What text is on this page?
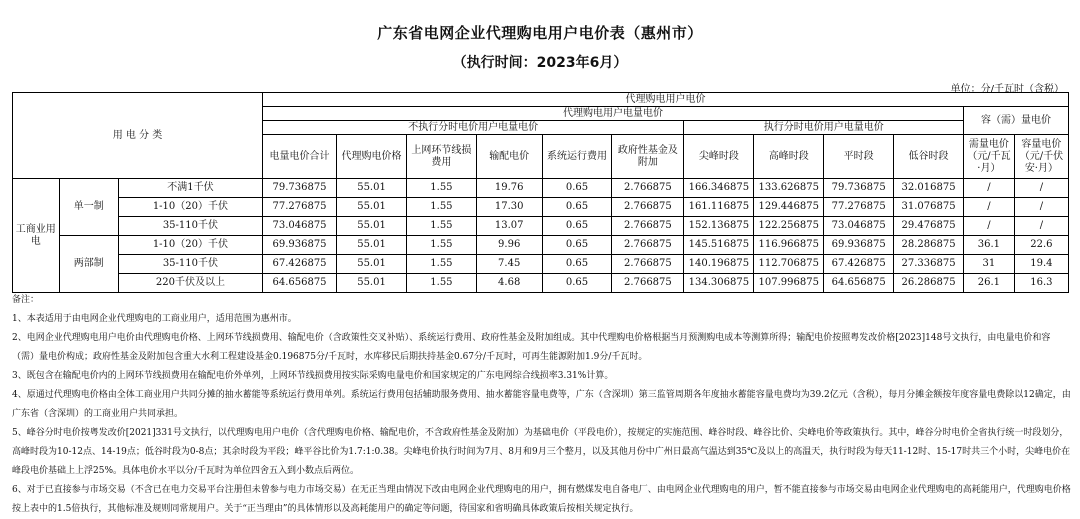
广东省电网企业代理购电用户电价表（惠州市）
（执行时间：2023年6月）
单位：分/千瓦时（含税）
用 电 分 类			代理购电用户电价											
			代理购电用户电量电价										容（需）量电价	
			不执行分时电价用户电量电价						执行分时电价用户电量电价					
			电量电价合计	代理购电价格	上网环节线损费用	输配电价	系统运行费用	政府性基金及附加	尖峰时段	高峰时段	平时段	低谷时段	需量电价（元/千瓦·月）	容量电价（元/千伏安·月）
工商业用电	单一制	不满1千伏	79.736875	55.01	1.55	19.76	0.65	2.766875	166.346875	133.626875	79.736875	32.016875	/	/
		1-10（20）千伏	77.276875	55.01	1.55	17.30	0.65	2.766875	161.116875	129.446875	77.276875	31.076875	/	/
		35-110千伏	73.046875	55.01	1.55	13.07	0.65	2.766875	152.136875	122.256875	73.046875	29.476875	/	/
	两部制	1-10（20）千伏	69.936875	55.01	1.55	9.96	0.65	2.766875	145.516875	116.966875	69.936875	28.286875	36.1	22.6
		35-110千伏	67.426875	55.01	1.55	7.45	0.65	2.766875	140.196875	112.706875	67.426875	27.336875	31	19.4
		220千伏及以上	64.656875	55.01	1.55	4.68	0.65	2.766875	134.306875	107.996875	64.656875	26.286875	26.1	16.3

备注：

1、本表适用于由电网企业代理购电的工商业用户，适用范围为惠州市。

2、电网企业代理购电用户电价由代理购电价格、上网环节线损费用、输配电价（含政策性交叉补贴）、系统运行费用、政府性基金及附加组成。其中代理购电价格根据当月预测购电成本等测算所得；输配电价按照粤发改价格[2023]148号文执行，由电量电价和容（需）量电价构成；政府性基金及附加包含重大水利工程建设基金0.196875分/千瓦时，水库移民后期扶持基金0.67分/千瓦时，可再生能源附加1.9分/千瓦时。

3、既包含在输配电价内的上网环节线损费用在输配电价外单列，上网环节线损费用按实际采购电量电价和国家规定的广东电网综合线损率3.31%计算。

4、原通过代理购电价格由全体工商业用户共同分摊的抽水蓄能等系统运行费用单列。系统运行费用包括辅助服务费用、抽水蓄能容量电费等，广东（含深圳）第三监管周期各年度抽水蓄能容量电费均为39.2亿元（含税），每月分摊金额按年度容量电费除以12确定，由广东省（含深圳）的工商业用户共同承担。

5、峰谷分时电价按粤发改价[2021]331号文执行，以代理购电用户电价（含代理购电价格、输配电价，不含政府性基金及附加）为基础电价（平段电价），按规定的实施范围、峰谷时段、峰谷比价、尖峰电价等政策执行。其中，峰谷分时电价全省执行统一时段划分，高峰时段为10-12点、14-19点；低谷时段为0-8点；其余时段为平段；峰平谷比价为1.7:1:0.38。尖峰电价执行时间为7月、8月和9月三个整月，以及其他月份中广州日最高气温达到35℃及以上的高温天，执行时段为每天11-12时、15-17时共三个小时，尖峰电价在峰段电价基础上上浮25%。具体电价水平以分/千瓦时为单位四舍五入到小数点后两位。

6、对于已直接参与市场交易（不含已在电力交易平台注册但未曾参与电力市场交易）在无正当理由情况下改由电网企业代理购电的用户，拥有燃煤发电自备电厂、由电网企业代理购电的用户，暂不能直接参与市场交易由电网企业代理购电的高耗能用户，代理购电价格按上表中的1.5倍执行，其他标准及规则同常规用户。关于“正当理由”的具体情形以及高耗能用户的确定等问题，待国家和省明确具体政策后按相关规定执行。
